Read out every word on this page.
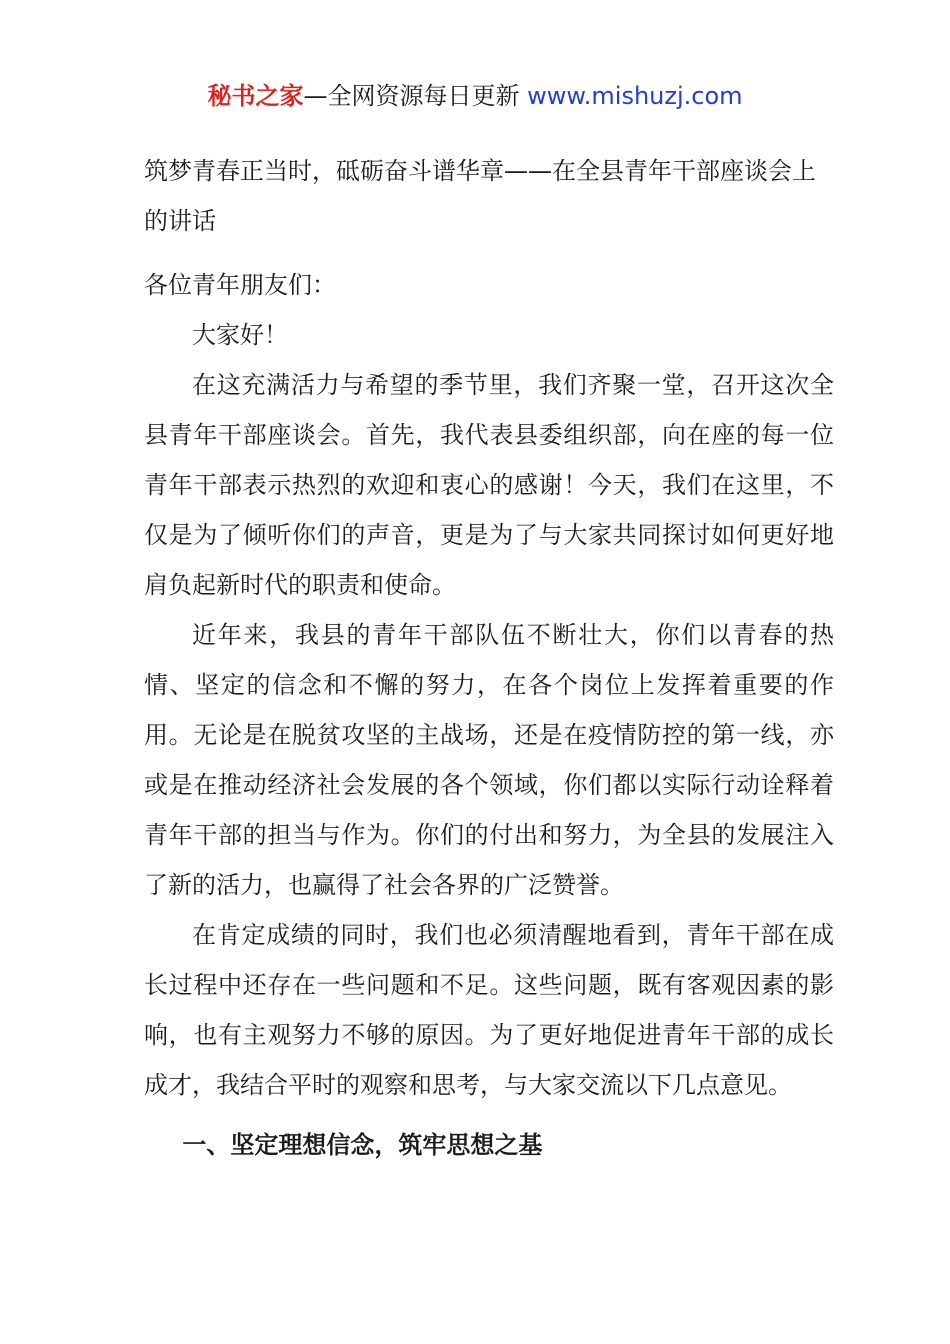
秘书之家—全网资源每日更新 www.mishuzj.com
筑梦青春正当时，砥砺奋斗谱华章——在全县青年干部座谈会上的讲话

各位青年朋友们：

大家好！

在这充满活力与希望的季节里，我们齐聚一堂，召开这次全县青年干部座谈会。首先，我代表县委组织部，向在座的每一位青年干部表示热烈的欢迎和衷心的感谢！今天，我们在这里，不仅是为了倾听你们的声音，更是为了与大家共同探讨如何更好地肩负起新时代的职责和使命。

近年来，我县的青年干部队伍不断壮大，你们以青春的热情、坚定的信念和不懈的努力，在各个岗位上发挥着重要的作用。无论是在脱贫攻坚的主战场，还是在疫情防控的第一线，亦或是在推动经济社会发展的各个领域，你们都以实际行动诠释着青年干部的担当与作为。你们的付出和努力，为全县的发展注入了新的活力，也赢得了社会各界的广泛赞誉。

在肯定成绩的同时，我们也必须清醒地看到，青年干部在成长过程中还存在一些问题和不足。这些问题，既有客观因素的影响，也有主观努力不够的原因。为了更好地促进青年干部的成长成才，我结合平时的观察和思考，与大家交流以下几点意见。

一、坚定理想信念，筑牢思想之基
